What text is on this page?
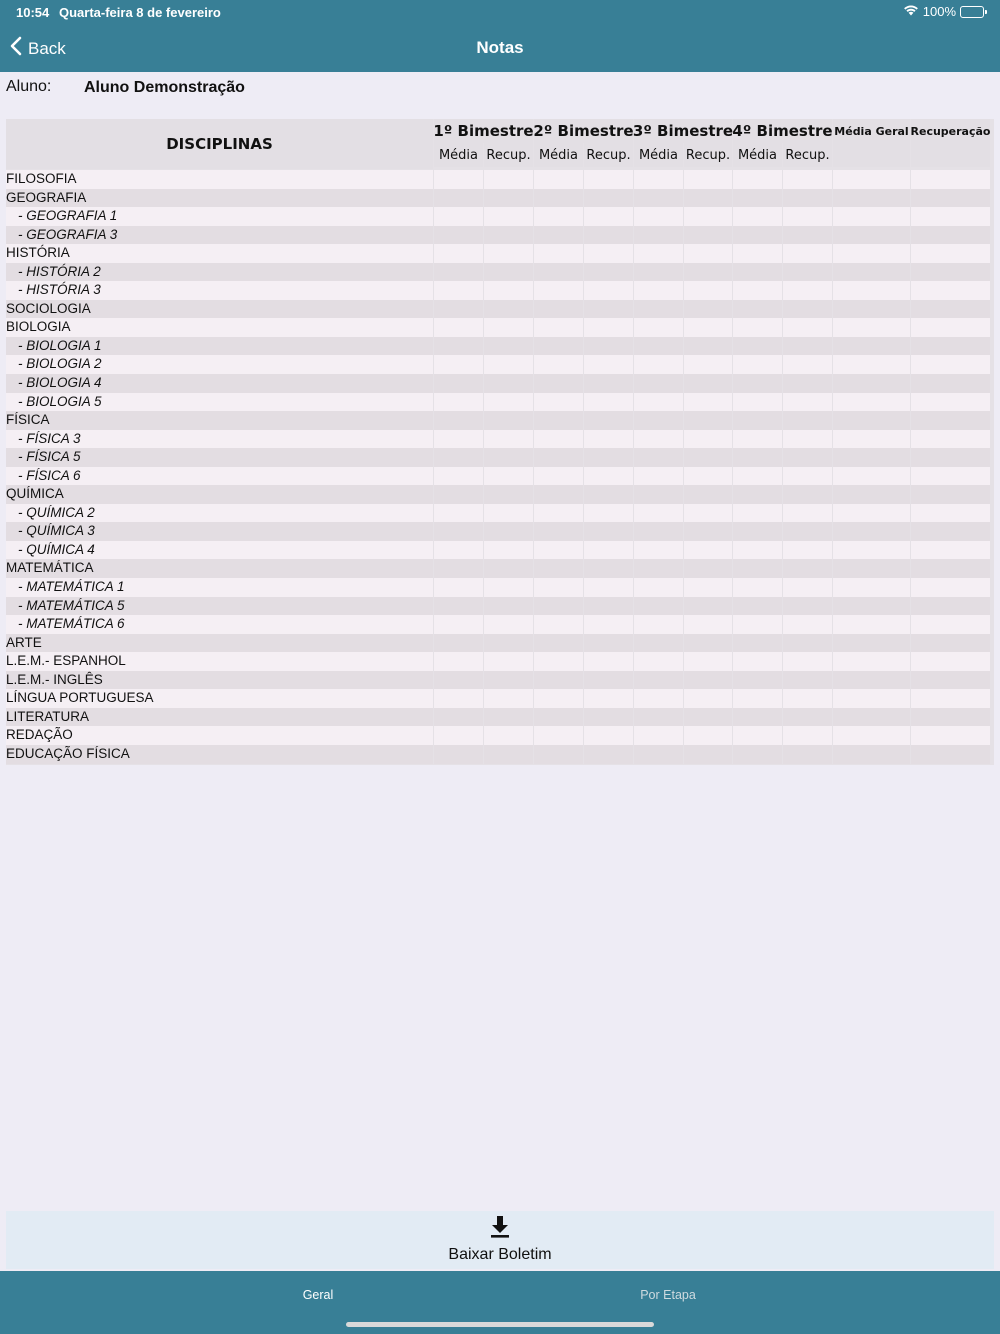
10:54 Quarta-feira 8 de fevereiro	100%
Back	Notas
Aluno: Aluno Demonstração
DISCIPLINAS
1º Bimestre 2º Bimestre 3º Bimestre 4º Bimestre Média Geral Recuperação
Média Recup. Média Recup. Média Recup. Média Recup.
FILOSOFIA
GEOGRAFIA
- GEOGRAFIA 1
- GEOGRAFIA 3
HISTÓRIA
- HISTÓRIA 2
- HISTÓRIA 3
SOCIOLOGIA
BIOLOGIA
- BIOLOGIA 1
- BIOLOGIA 2
- BIOLOGIA 4
- BIOLOGIA 5
FÍSICA
- FÍSICA 3
- FÍSICA 5
- FÍSICA 6
QUÍMICA
- QUÍMICA 2
- QUÍMICA 3
- QUÍMICA 4
MATEMÁTICA
- MATEMÁTICA 1
- MATEMÁTICA 5
- MATEMÁTICA 6
ARTE
L.E.M.- ESPANHOL
L.E.M.- INGLÊS
LÍNGUA PORTUGUESA
LITERATURA
REDAÇÃO
EDUCAÇÃO FÍSICA
Baixar Boletim
Geral	Por Etapa
